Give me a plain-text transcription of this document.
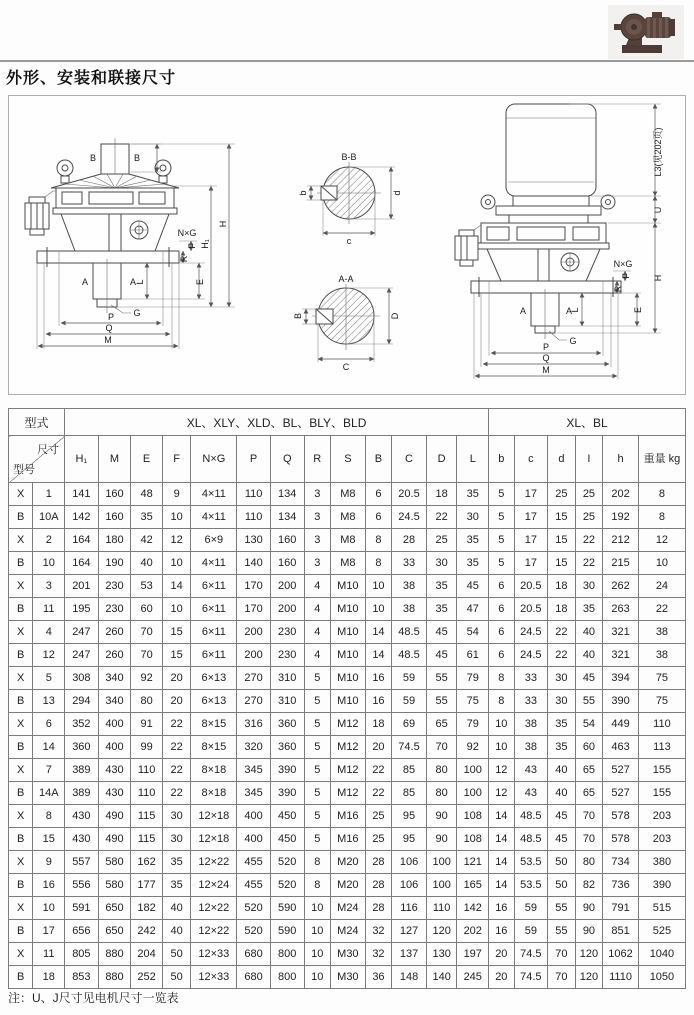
外形、安装和联接尺寸
B	B
N×G
F
R
E
L
H₁
H
A	A
G
P
Q
M
B-B
b	d
c
A-A
B	D
C
L3(见202页)
U
H
N×G
F
R
E
L
A	A
G
P
Q
M
型式		XL、XLY、XLD、BL、BLY、BLD													XL、BL					

尺寸
型号		H₁	M	E	F	N×G	P	Q	R	S	B	C	D	L	b	c	d	I	h	重量 kg
X	1	141	160	48	9	4×11	110	134	3	M8	6	20.5	18	35	5	17	25	25	202	8
B	10A	142	160	35	10	4×11	110	134	3	M8	6	24.5	22	30	5	17	15	25	192	8
X	2	164	180	42	12	6×9	130	160	3	M8	8	28	25	35	5	17	15	22	212	12
B	10	164	190	40	10	4×11	140	160	3	M8	8	33	30	35	5	17	15	22	215	10
X	3	201	230	53	14	6×11	170	200	4	M10	10	38	35	45	6	20.5	18	30	262	24
B	11	195	230	60	10	6×11	170	200	4	M10	10	38	35	47	6	20.5	18	35	263	22
X	4	247	260	70	15	6×11	200	230	4	M10	14	48.5	45	54	6	24.5	22	40	321	38
B	12	247	260	70	15	6×11	200	230	4	M10	14	48.5	45	61	6	24.5	22	40	321	38
X	5	308	340	92	20	6×13	270	310	5	M10	16	59	55	79	8	33	30	45	394	75
B	13	294	340	80	20	6×13	270	310	5	M10	16	59	55	75	8	33	30	55	390	75
X	6	352	400	91	22	8×15	316	360	5	M12	18	69	65	79	10	38	35	54	449	110
B	14	360	400	99	22	8×15	320	360	5	M12	20	74.5	70	92	10	38	35	60	463	113
X	7	389	430	110	22	8×18	345	390	5	M12	22	85	80	100	12	43	40	65	527	155
B	14A	389	430	110	22	8×18	345	390	5	M12	22	85	80	100	12	43	40	65	527	155
X	8	430	490	115	30	12×18	400	450	5	M16	25	95	90	108	14	48.5	45	70	578	203
B	15	430	490	115	30	12×18	400	450	5	M16	25	95	90	108	14	48.5	45	70	578	203
X	9	557	580	162	35	12×22	455	520	8	M20	28	106	100	121	14	53.5	50	80	734	380
B	16	556	580	177	35	12×24	455	520	8	M20	28	106	100	165	14	53.5	50	82	736	390
X	10	591	650	182	40	12×22	520	590	10	M24	28	116	110	142	16	59	55	90	791	515
B	17	656	650	242	40	12×22	520	590	10	M24	32	127	120	202	16	59	55	90	851	525
X	11	805	880	204	50	12×33	680	800	10	M30	32	137	130	197	20	74.5	70	120	1062	1040
B	18	853	880	252	50	12×33	680	800	10	M30	36	148	140	245	20	74.5	70	120	1110	1050
注：U、J尺寸见电机尺寸一览表
